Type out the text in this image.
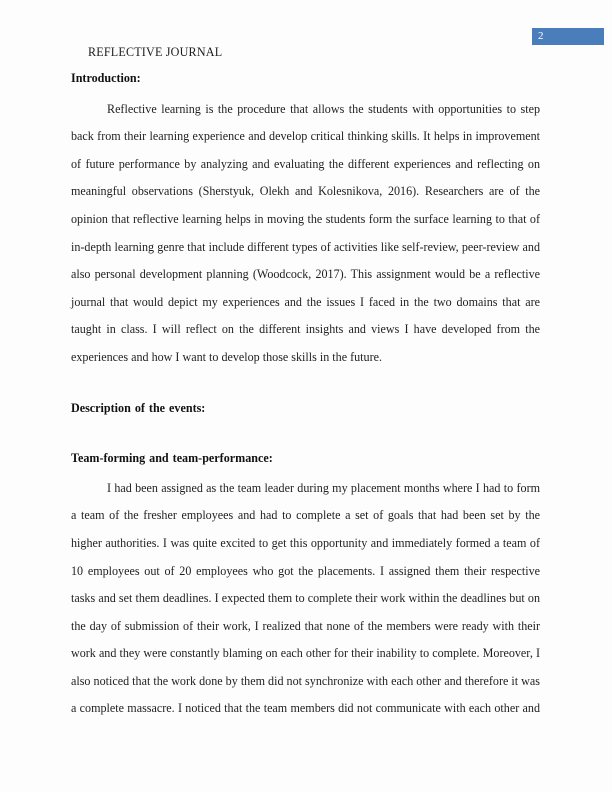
2
REFLECTIVE JOURNAL
Introduction:

Reflective learning is the procedure that allows the students with opportunities to step back from their learning experience and develop critical thinking skills. It helps in improvement of future performance by analyzing and evaluating the different experiences and reflecting on meaningful observations (Sherstyuk, Olekh and Kolesnikova, 2016). Researchers are of the opinion that reflective learning helps in moving the students form the surface learning to that of in-depth learning genre that include different types of activities like self-review, peer-review and also personal development planning (Woodcock, 2017). This assignment would be a reflective journal that would depict my experiences and the issues I faced in the two domains that are taught in class. I will reflect on the different insights and views I have developed from the experiences and how I want to develop those skills in the future.

Description of the events:
Team-forming and team-performance:

I had been assigned as the team leader during my placement months where I had to form a team of the fresher employees and had to complete a set of goals that had been set by the higher authorities. I was quite excited to get this opportunity and immediately formed a team of 10 employees out of 20 employees who got the placements. I assigned them their respective tasks and set them deadlines. I expected them to complete their work within the deadlines but on the day of submission of their work, I realized that none of the members were ready with their work and they were constantly blaming on each other for their inability to complete. Moreover, I also noticed that the work done by them did not synchronize with each other and therefore it was a complete massacre. I noticed that the team members did not communicate with each other and
